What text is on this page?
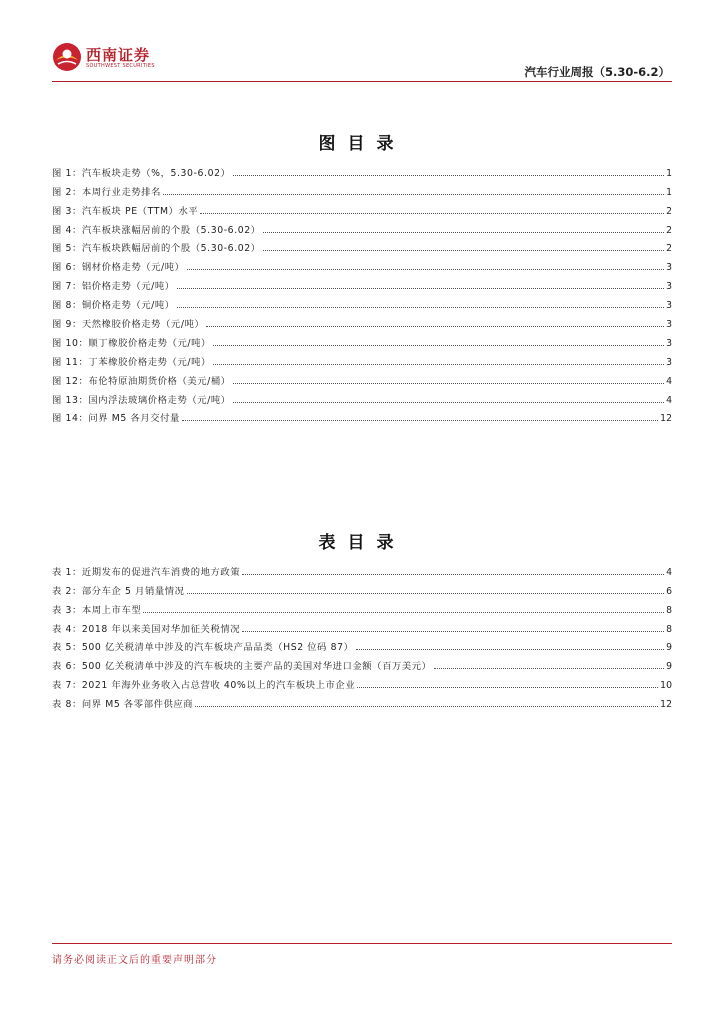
西南证券
SOUTHWEST SECURITIES	汽车行业周报（5.30-6.2）
图目录
图 1：汽车板块走势（%，5.30-6.02）	1
图 2：本周行业走势排名	1
图 3：汽车板块 PE（TTM）水平	2
图 4：汽车板块涨幅居前的个股（5.30-6.02）	2
图 5：汽车板块跌幅居前的个股（5.30-6.02）	2
图 6：钢材价格走势（元/吨）	3
图 7：铝价格走势（元/吨）	3
图 8：铜价格走势（元/吨）	3
图 9：天然橡胶价格走势（元/吨）	3
图 10：顺丁橡胶价格走势（元/吨）	3
图 11：丁苯橡胶价格走势（元/吨）	3
图 12：布伦特原油期货价格（美元/桶）	4
图 13：国内浮法玻璃价格走势（元/吨）	4
图 14：问界 M5 各月交付量	12
表目录
表 1：近期发布的促进汽车消费的地方政策	4
表 2：部分车企 5 月销量情况	6
表 3：本周上市车型	8
表 4：2018 年以来美国对华加征关税情况	8
表 5：500 亿关税清单中涉及的汽车板块产品品类（HS2 位码 87）	9
表 6：500 亿关税清单中涉及的汽车板块的主要产品的美国对华进口金额（百万美元）	9
表 7：2021 年海外业务收入占总营收 40%以上的汽车板块上市企业	10
表 8：问界 M5 各零部件供应商	12
请务必阅读正文后的重要声明部分
